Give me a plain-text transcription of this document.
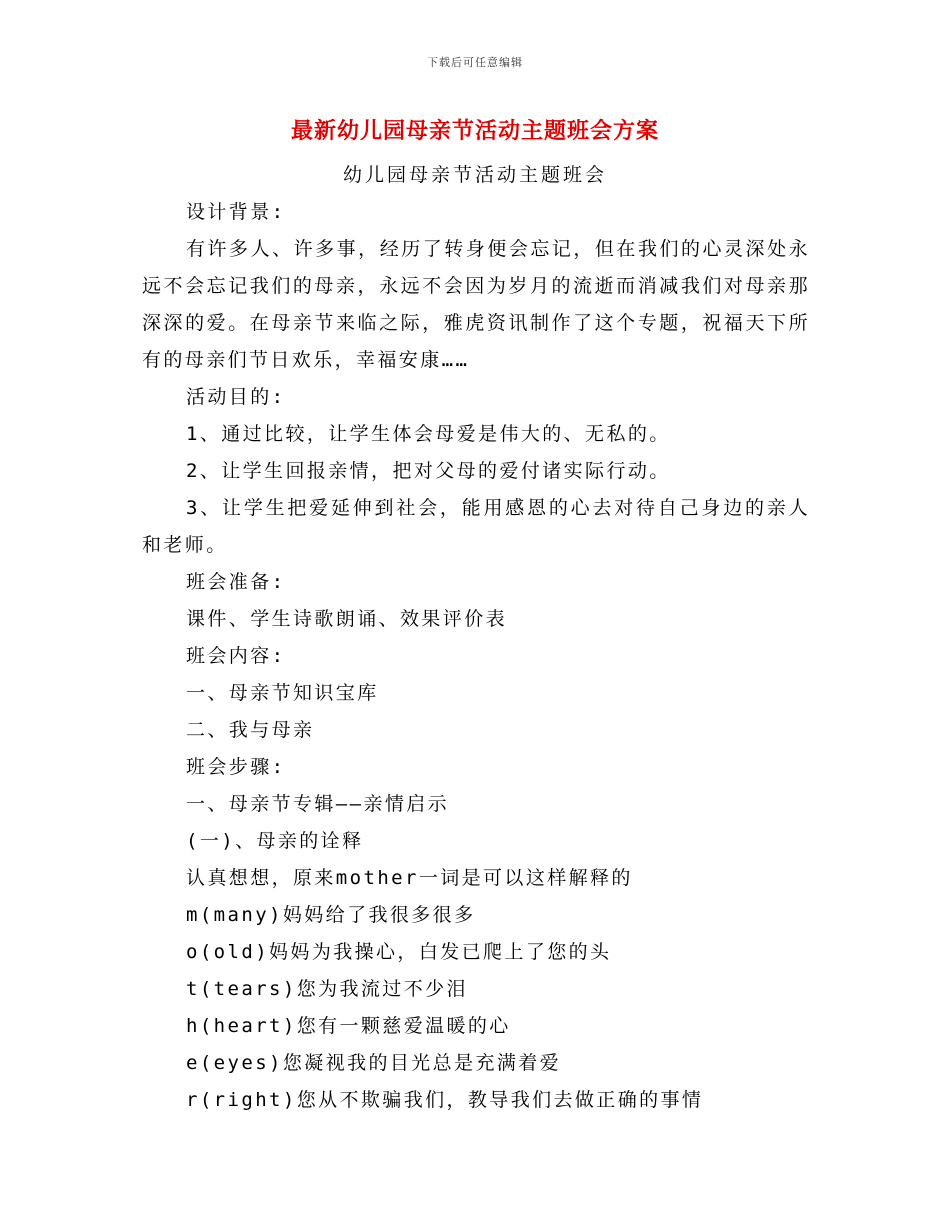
下载后可任意编辑
最新幼儿园母亲节活动主题班会方案
幼儿园母亲节活动主题班会

设计背景:

有许多人、许多事，经历了转身便会忘记，但在我们的心灵深处永远不会忘记我们的母亲，永远不会因为岁月的流逝而消减我们对母亲那深深的爱。在母亲节来临之际，雅虎资讯制作了这个专题，祝福天下所有的母亲们节日欢乐，幸福安康……

活动目的:

1、通过比较，让学生体会母爱是伟大的、无私的。

2、让学生回报亲情，把对父母的爱付诸实际行动。

3、让学生把爱延伸到社会，能用感恩的心去对待自己身边的亲人和老师。

班会准备:

课件、学生诗歌朗诵、效果评价表

班会内容:

一、母亲节知识宝库

二、我与母亲

班会步骤:

一、母亲节专辑——亲情启示

(一)、母亲的诠释

认真想想，原来mother一词是可以这样解释的

m(many)妈妈给了我很多很多

o(old)妈妈为我操心，白发已爬上了您的头

t(tears)您为我流过不少泪

h(heart)您有一颗慈爱温暖的心

e(eyes)您凝视我的目光总是充满着爱

r(right)您从不欺骗我们，教导我们去做正确的事情
